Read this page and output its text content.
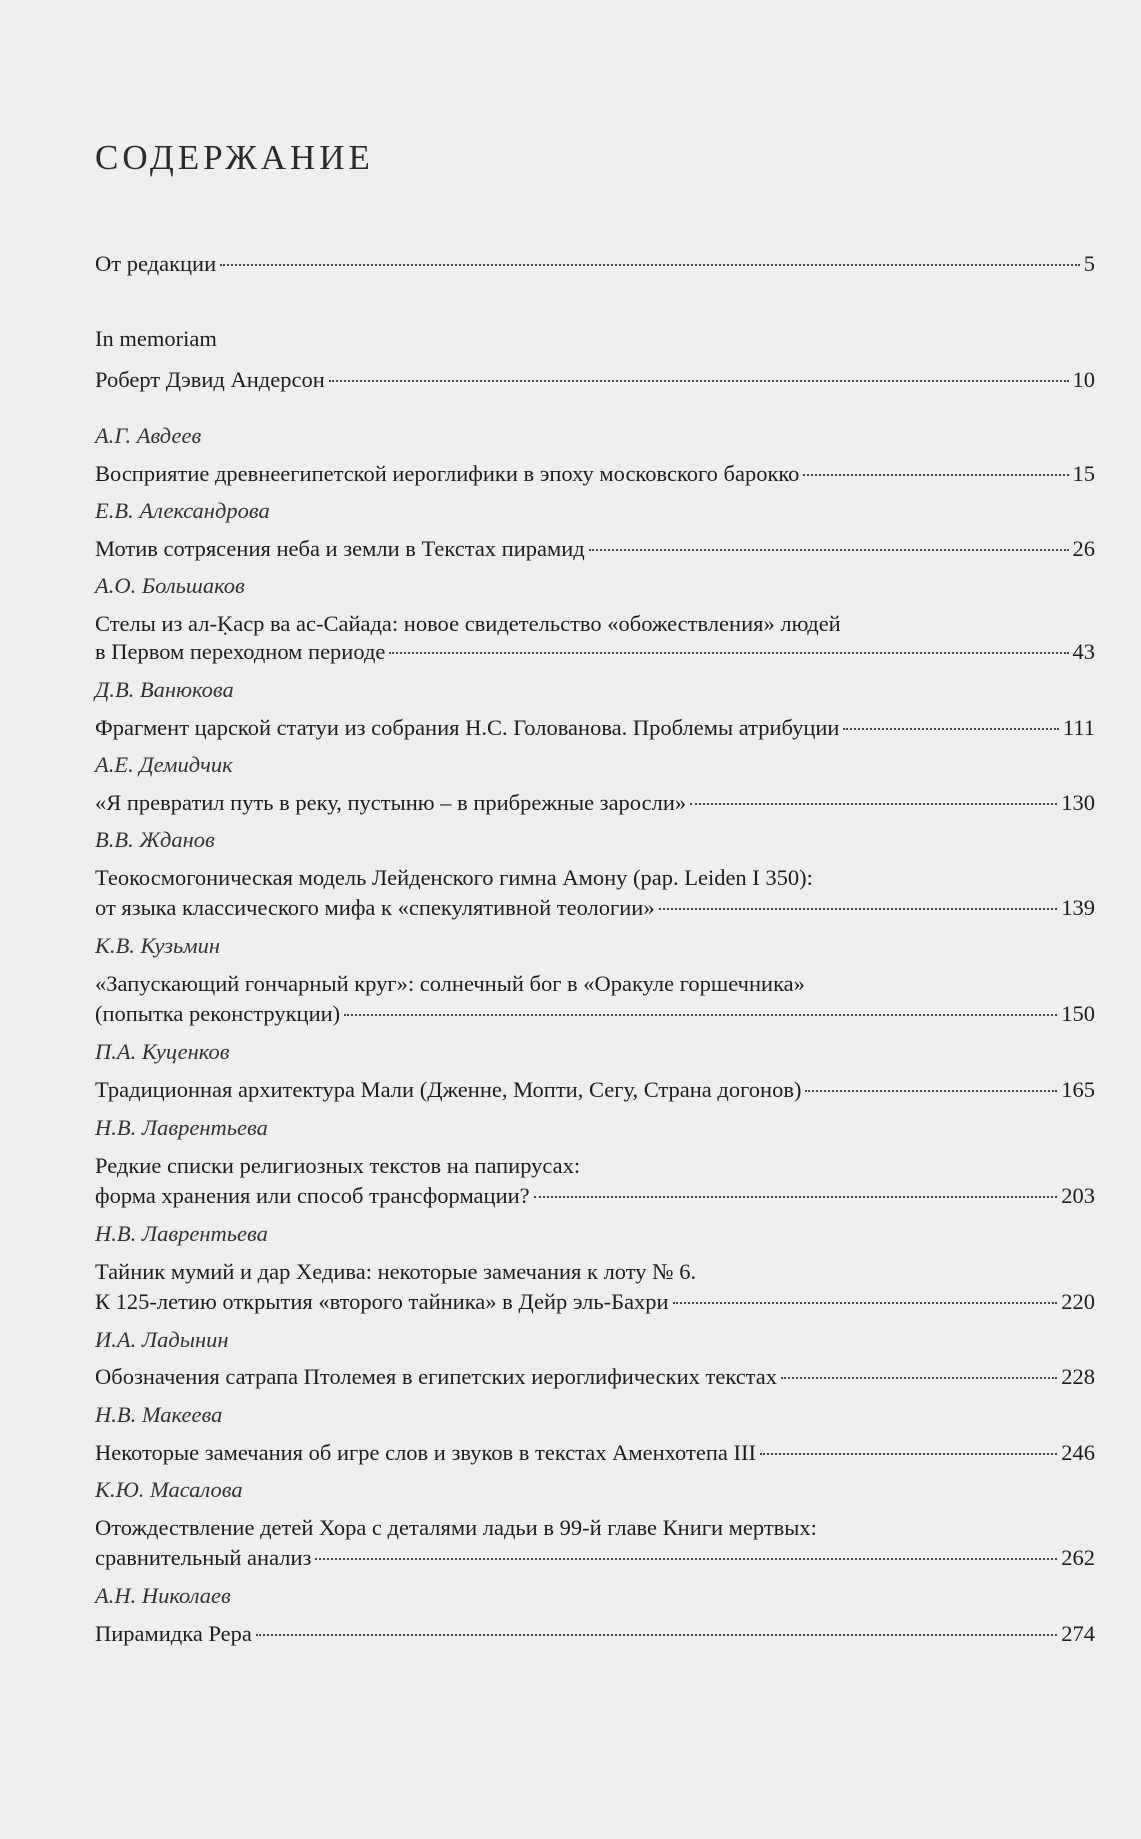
СОДЕРЖАНИЕ
От редакции	5
In memoriam
Роберт Дэвид Андерсон	10
А.Г. Авдеев
Восприятие древнеегипетской иероглифики в эпоху московского барокко	15
Е.В. Александрова
Мотив сотрясения неба и земли в Текстах пирамид	26
А.О. Большаков
Стелы из ал-Ḳаср ва ас-Сайада: новое свидетельство «обожествления» людей
в Первом переходном периоде	43
Д.В. Ванюкова
Фрагмент царской статуи из собрания Н.С. Голованова. Проблемы атрибуции	111
А.Е. Демидчик
«Я превратил путь в реку, пустыню – в прибрежные заросли»	130
В.В. Жданов
Теокосмогоническая модель Лейденского гимна Амону (pap. Leiden I 350):
от языка классического мифа к «спекулятивной теологии»	139
К.В. Кузьмин
«Запускающий гончарный круг»: солнечный бог в «Оракуле горшечника»
(попытка реконструкции)	150
П.А. Куценков
Традиционная архитектура Мали (Дженне, Мопти, Сегу, Страна догонов)	165
Н.В. Лаврентьева
Редкие списки религиозных текстов на папирусах:
форма хранения или способ трансформации?	203
Н.В. Лаврентьева
Тайник мумий и дар Хедива: некоторые замечания к лоту № 6.
К 125-летию открытия «второго тайника» в Дейр эль-Бахри	220
И.А. Ладынин
Обозначения сатрапа Птолемея в египетских иероглифических текстах	228
Н.В. Макеева
Некоторые замечания об игре слов и звуков в текстах Аменхотепа III	246
К.Ю. Масалова
Отождествление детей Хора с деталями ладьи в 99-й главе Книги мертвых:
сравнительный анализ	262
А.Н. Николаев
Пирамидка Рера	274
